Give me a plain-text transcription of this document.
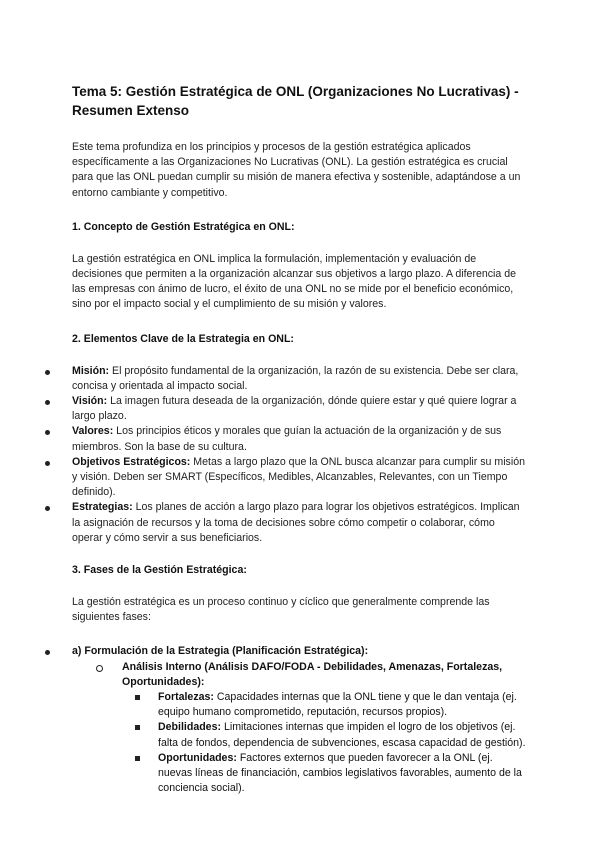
Tema 5: Gestión Estratégica de ONL (Organizaciones No Lucrativas) - Resumen Extenso

Este tema profundiza en los principios y procesos de la gestión estratégica aplicados específicamente a las Organizaciones No Lucrativas (ONL). La gestión estratégica es crucial para que las ONL puedan cumplir su misión de manera efectiva y sostenible, adaptándose a un entorno cambiante y competitivo.

1. Concepto de Gestión Estratégica en ONL:

La gestión estratégica en ONL implica la formulación, implementación y evaluación de decisiones que permiten a la organización alcanzar sus objetivos a largo plazo. A diferencia de las empresas con ánimo de lucro, el éxito de una ONL no se mide por el beneficio económico, sino por el impacto social y el cumplimiento de su misión y valores.

2. Elementos Clave de la Estrategia en ONL:
Misión: El propósito fundamental de la organización, la razón de su existencia. Debe ser clara, concisa y orientada al impacto social.
Visión: La imagen futura deseada de la organización, dónde quiere estar y qué quiere lograr a largo plazo.
Valores: Los principios éticos y morales que guían la actuación de la organización y de sus miembros. Son la base de su cultura.
Objetivos Estratégicos: Metas a largo plazo que la ONL busca alcanzar para cumplir su misión y visión. Deben ser SMART (Específicos, Medibles, Alcanzables, Relevantes, con un Tiempo definido).
Estrategias: Los planes de acción a largo plazo para lograr los objetivos estratégicos. Implican la asignación de recursos y la toma de decisiones sobre cómo competir o colaborar, cómo operar y cómo servir a sus beneficiarios.
3. Fases de la Gestión Estratégica:

La gestión estratégica es un proceso continuo y cíclico que generalmente comprende las siguientes fases:

a) Formulación de la Estrategia (Planificación Estratégica):
Análisis Interno (Análisis DAFO/FODA - Debilidades, Amenazas, Fortalezas, Oportunidades):
Fortalezas: Capacidades internas que la ONL tiene y que le dan ventaja (ej. equipo humano comprometido, reputación, recursos propios).
Debilidades: Limitaciones internas que impiden el logro de los objetivos (ej. falta de fondos, dependencia de subvenciones, escasa capacidad de gestión).
Oportunidades: Factores externos que pueden favorecer a la ONL (ej. nuevas líneas de financiación, cambios legislativos favorables, aumento de la conciencia social).
